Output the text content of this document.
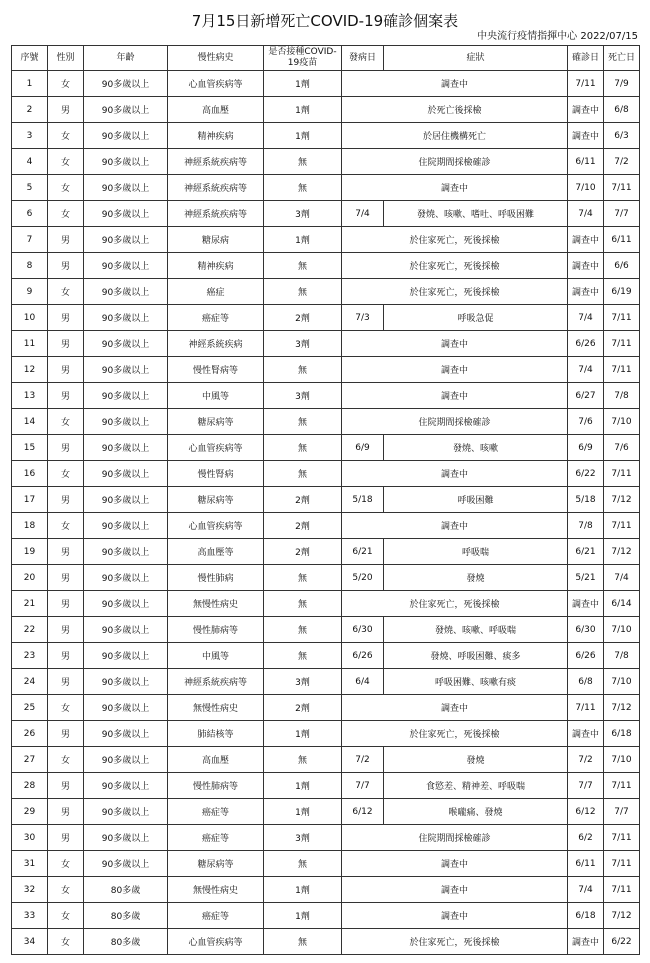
7月15日新增死亡COVID-19確診個案表
中央流行疫情指揮中心 2022/07/15
序號	性別	年齡	慢性病史	是否接種COVID-19疫苗	發病日	症狀	確診日	死亡日
1	女	90多歲以上	心血管疾病等	1劑	調查中		7/11	7/9
2	男	90多歲以上	高血壓	1劑	於死亡後採檢		調查中	6/8
3	女	90多歲以上	精神疾病	1劑	於居住機構死亡		調查中	6/3
4	女	90多歲以上	神經系統疾病等	無	住院期間採檢確診		6/11	7/2
5	女	90多歲以上	神經系統疾病等	無	調查中		7/10	7/11
6	女	90多歲以上	神經系統疾病等	3劑	7/4	發燒、咳嗽、嗜吐、呼吸困難	7/4	7/7
7	男	90多歲以上	糖尿病	1劑	於住家死亡，死後採檢		調查中	6/11
8	男	90多歲以上	精神疾病	無	於住家死亡，死後採檢		調查中	6/6
9	女	90多歲以上	癌症	無	於住家死亡，死後採檢		調查中	6/19
10	男	90多歲以上	癌症等	2劑	7/3	呼吸急促	7/4	7/11
11	男	90多歲以上	神經系統疾病	3劑	調查中		6/26	7/11
12	男	90多歲以上	慢性腎病等	無	調查中		7/4	7/11
13	男	90多歲以上	中風等	3劑	調查中		6/27	7/8
14	女	90多歲以上	糖尿病等	無	住院期間採檢確診		7/6	7/10
15	男	90多歲以上	心血管疾病等	無	6/9	發燒、咳嗽	6/9	7/6
16	女	90多歲以上	慢性腎病	無	調查中		6/22	7/11
17	男	90多歲以上	糖尿病等	2劑	5/18	呼吸困難	5/18	7/12
18	女	90多歲以上	心血管疾病等	2劑	調查中		7/8	7/11
19	男	90多歲以上	高血壓等	2劑	6/21	呼吸喘	6/21	7/12
20	男	90多歲以上	慢性肺病	無	5/20	發燒	5/21	7/4
21	男	90多歲以上	無慢性病史	無	於住家死亡，死後採檢		調查中	6/14
22	男	90多歲以上	慢性肺病等	無	6/30	發燒、咳嗽、呼吸喘	6/30	7/10
23	男	90多歲以上	中風等	無	6/26	發燒、呼吸困難、痰多	6/26	7/8
24	男	90多歲以上	神經系統疾病等	3劑	6/4	呼吸困難、咳嗽有痰	6/8	7/10
25	女	90多歲以上	無慢性病史	2劑	調查中		7/11	7/12
26	男	90多歲以上	肺結核等	1劑	於住家死亡，死後採檢		調查中	6/18
27	女	90多歲以上	高血壓	無	7/2	發燒	7/2	7/10
28	男	90多歲以上	慢性肺病等	1劑	7/7	食慾差、精神差、呼吸喘	7/7	7/11
29	男	90多歲以上	癌症等	1劑	6/12	喉嚨痛、發燒	6/12	7/7
30	男	90多歲以上	癌症等	3劑	住院期間採檢確診		6/2	7/11
31	女	90多歲以上	糖尿病等	無	調查中		6/11	7/11
32	女	80多歲	無慢性病史	1劑	調查中		7/4	7/11
33	女	80多歲	癌症等	1劑	調查中		6/18	7/12
34	女	80多歲	心血管疾病等	無	於住家死亡，死後採檢		調查中	6/22
